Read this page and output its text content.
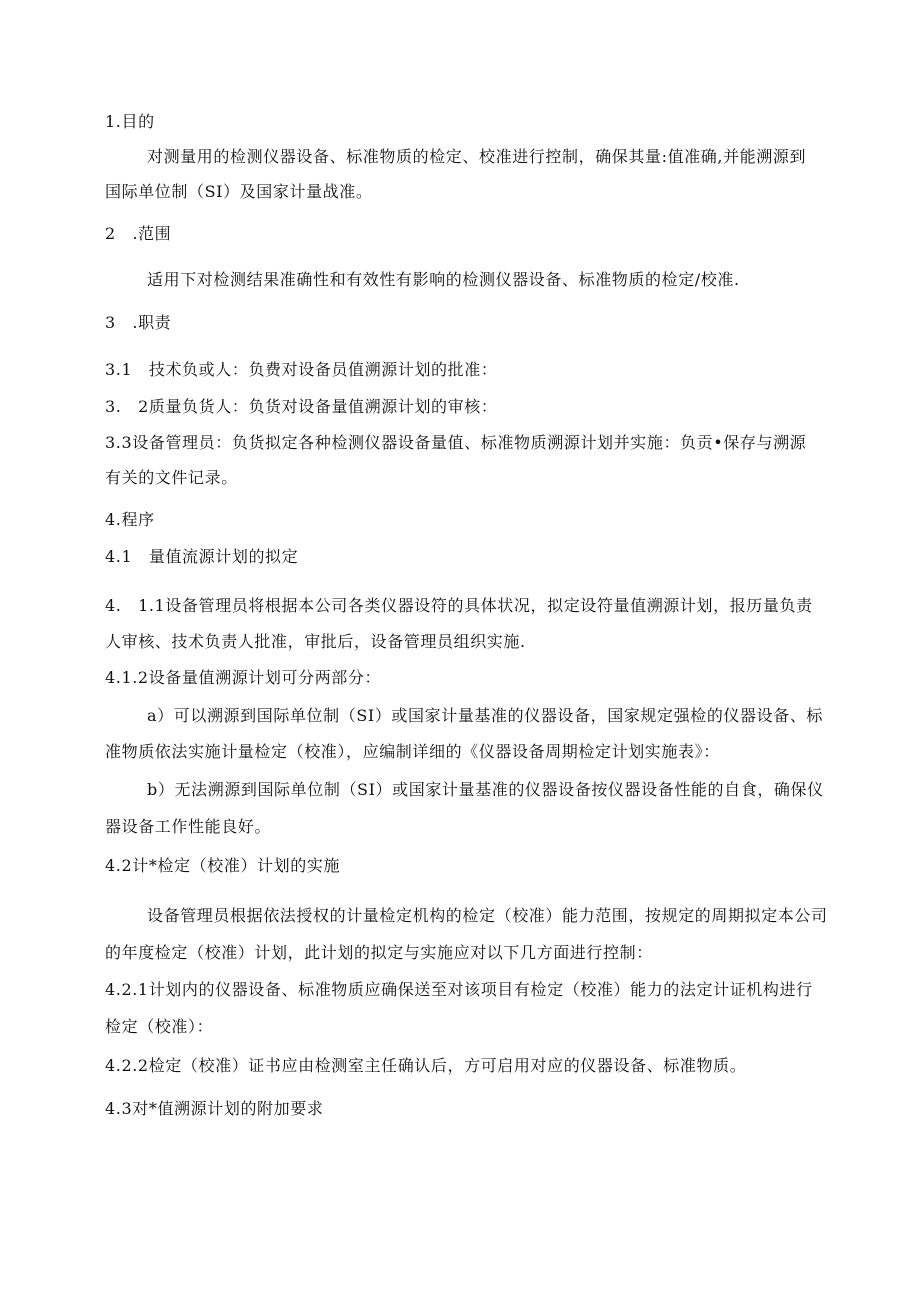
1.目的

对测量用的检测仪器设备、标准物质的检定、校准进行控制，确保其量:值准确,并能溯源到

国际单位制（SI）及国家计量战准。

2　.范围

适用下对检测结果准确性和有效性有影响的检测仪器设备、标准物质的检定/校准.

3　.职责

3.1　技术负或人：负费对设备员值溯源计划的批准：

3.　2质量负货人：负货对设备量值溯源计划的审核：

3.3设备管理员：负货拟定各种检测仪器设备量值、标准物质溯源计划并实施：负贡•保存与溯源

有关的文件记录。

4.程序

4.1　量值流源计划的拟定

4.　1.1设备管理员将根据本公司各类仪器设符的具体状况，拟定设符量值溯源计划，报历量负责

人审核、技术负责人批准，审批后，设备管理员组织实施.

4.1.2设备量值溯源计划可分两部分：

a）可以溯源到国际单位制（SI）或国家计量基准的仪器设备，国家规定强检的仪器设备、标

准物质依法实施计量检定（校准），应编制详细的《仪器设备周期检定计划实施表》：

b）无法溯源到国际单位制（SI）或国家计量基准的仪器设备按仪器设备性能的自食，确保仪

器设备工作性能良好。

4.2计*检定（校准）计划的实施

设备管理员根据依法授权的计量检定机构的检定（校准）能力范围，按规定的周期拟定本公司

的年度检定（校准）计划，此计划的拟定与实施应对以下几方面进行控制：

4.2.1计划内的仪器设备、标准物质应确保送至对该项目有检定（校准）能力的法定计证机构进行

检定（校准）：

4.2.2检定（校准）证书应由检测室主任确认后，方可启用对应的仪器设备、标准物质。

4.3对*值溯源计划的附加要求
